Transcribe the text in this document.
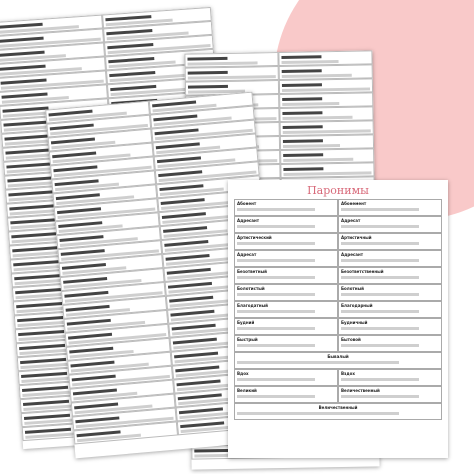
Паронимы
Абонент	Абонемент
Адресант	Адресат
Артистический	Артистичный
Адресат	Адресант
Безответный	Безответственный
Болотистый	Болотный
Благодатный	Благодарный
Будний	Будничный
Быстрый	Бытовой
Бывалый
Вдох	Вздох
Великий	Величественный
Величественный
